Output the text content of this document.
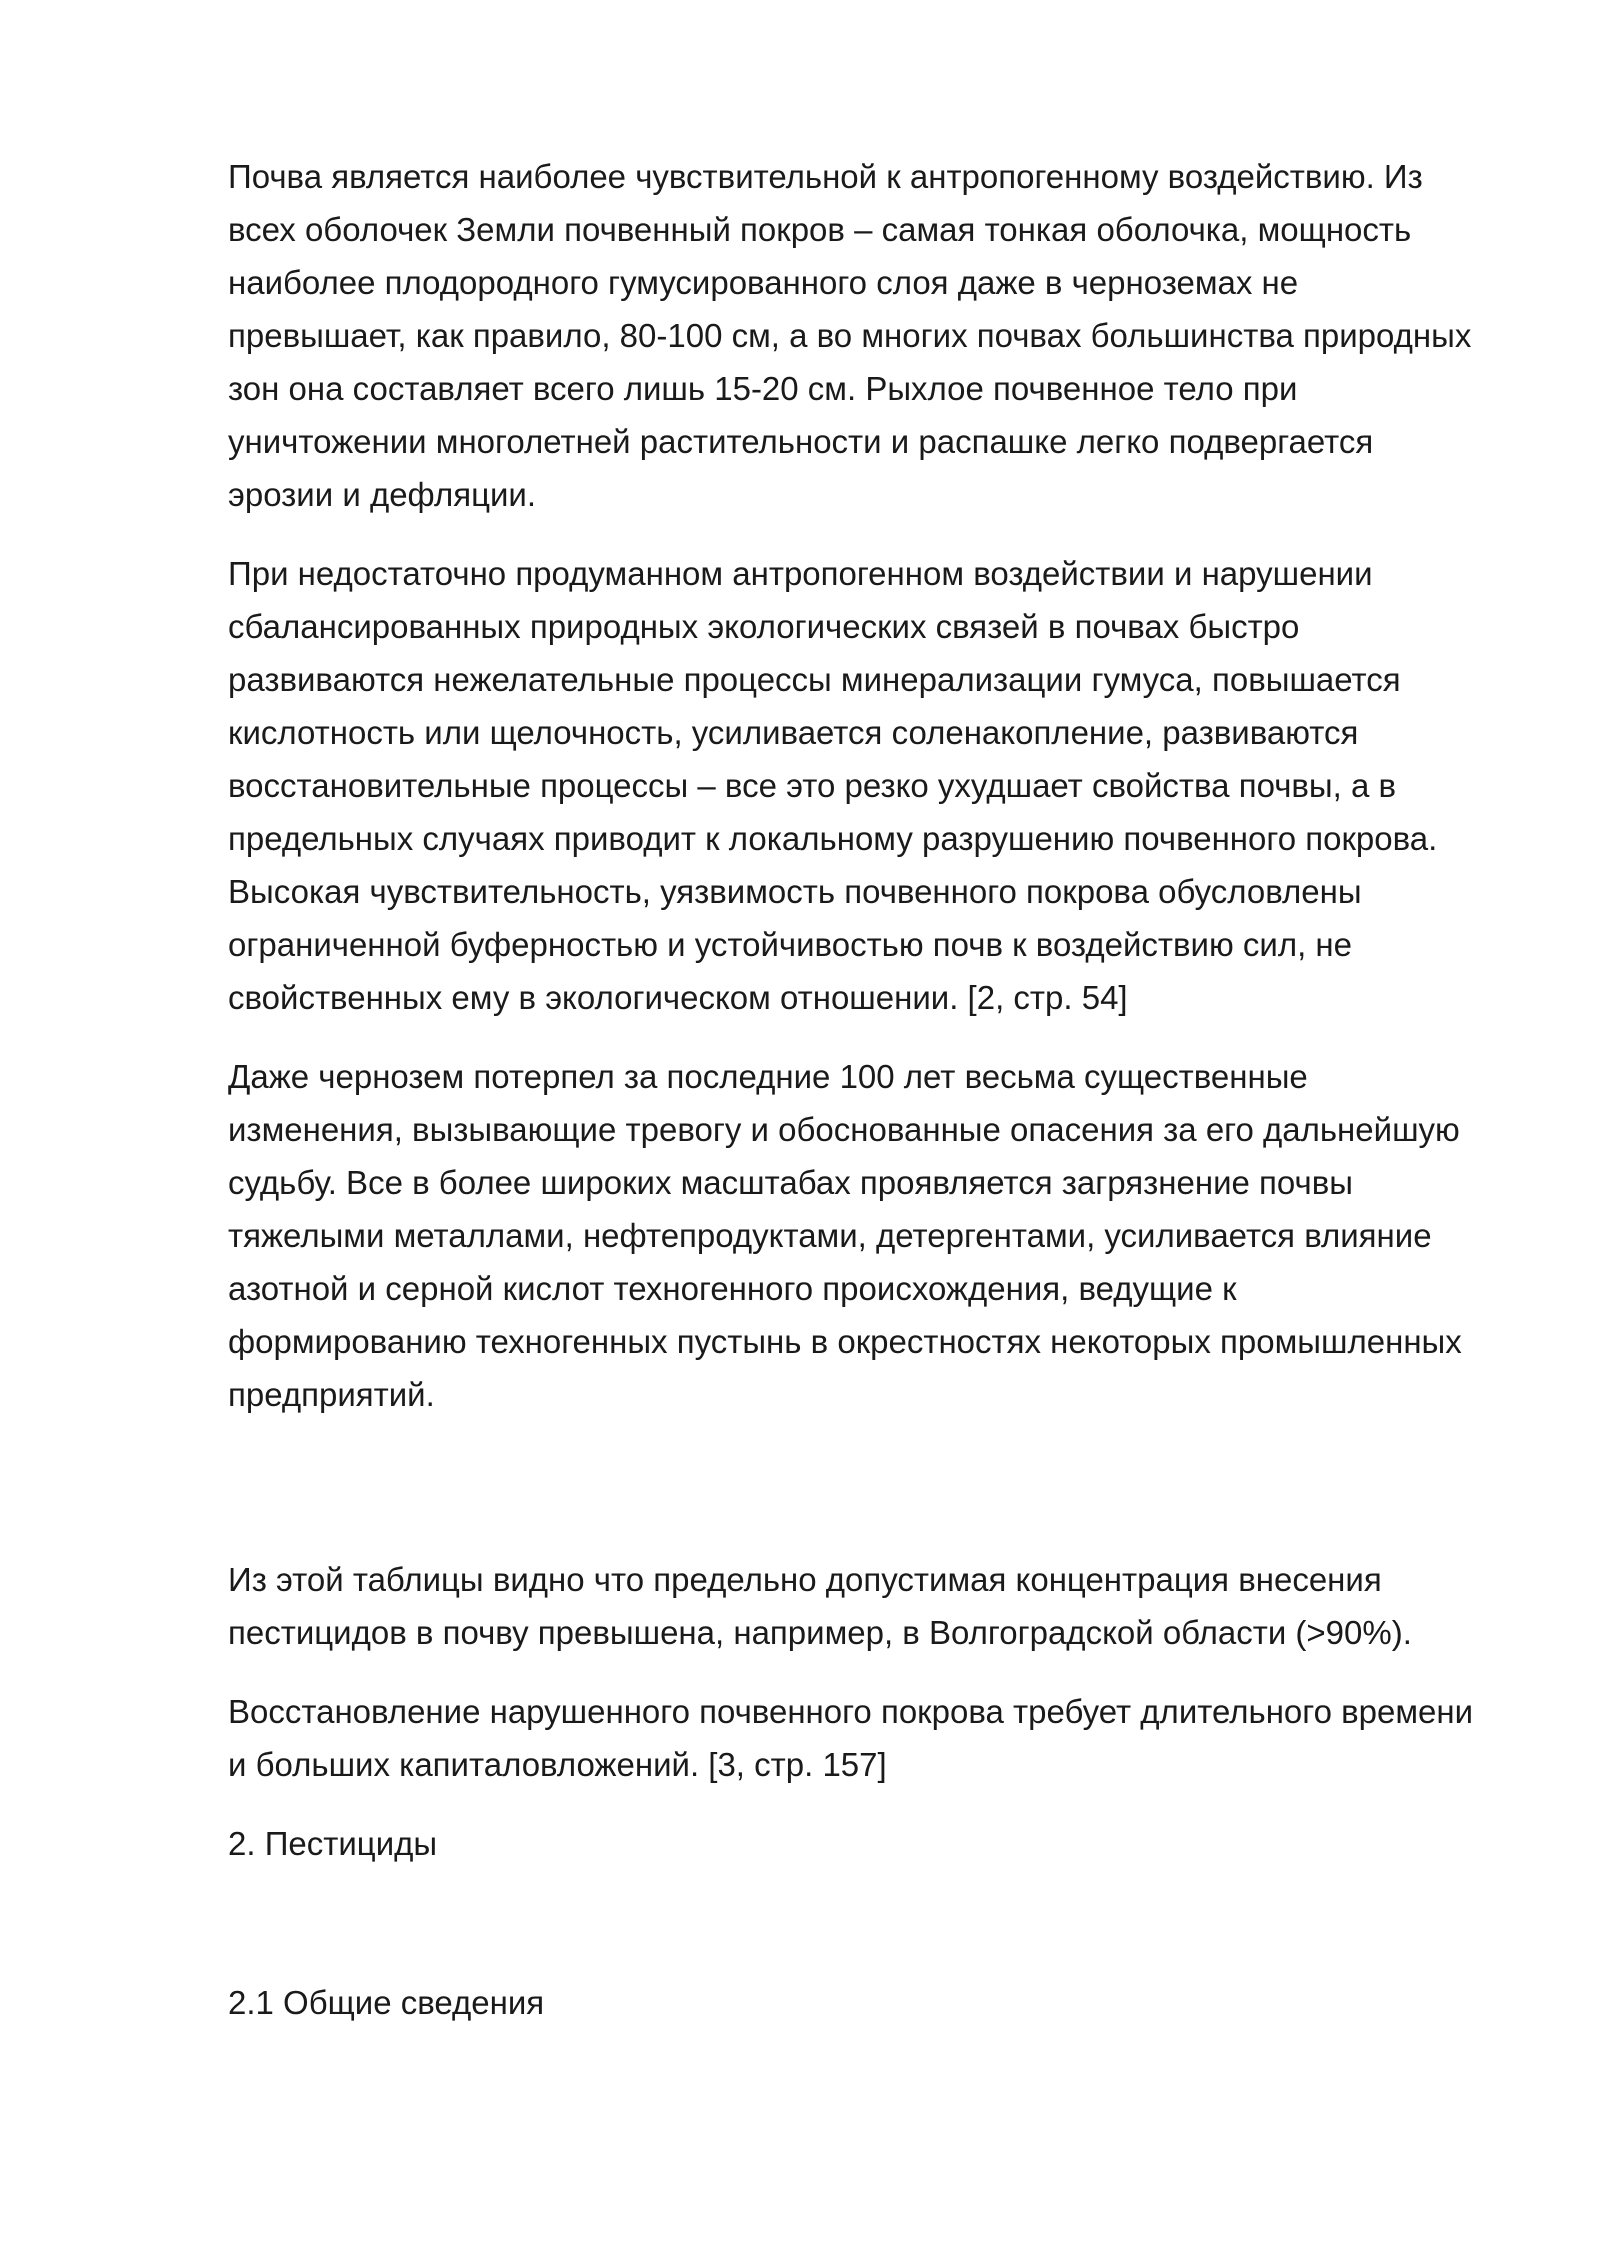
Почва является наиболее чувствительной к антропогенному воздействию. Из всех оболочек Земли почвенный покров – самая тонкая оболочка, мощность наиболее плодородного гумусированного слоя даже в черноземах не превышает, как правило, 80-100 см, а во многих почвах большинства природных зон она составляет всего лишь 15-20 см. Рыхлое почвенное тело при уничтожении многолетней растительности и распашке легко подвергается эрозии и дефляции.

При недостаточно продуманном антропогенном воздействии и нарушении сбалансированных природных экологических связей в почвах быстро развиваются нежелательные процессы минерализации гумуса, повышается кислотность или щелочность, усиливается соленакопление, развиваются восстановительные процессы – все это резко ухудшает свойства почвы, а в предельных случаях приводит к локальному разрушению почвенного покрова. Высокая чувствительность, уязвимость почвенного покрова обусловлены ограниченной буферностью и устойчивостью почв к воздействию сил, не свойственных ему в экологическом отношении. [2, стр. 54]

Даже чернозем потерпел за последние 100 лет весьма существенные изменения, вызывающие тревогу и обоснованные опасения за его дальнейшую судьбу. Все в более широких масштабах проявляется загрязнение почвы тяжелыми металлами, нефтепродуктами, детергентами, усиливается влияние азотной и серной кислот техногенного происхождения, ведущие к формированию техногенных пустынь в окрестностях некоторых промышленных предприятий.

Из этой таблицы видно что предельно допустимая концентрация внесения пестицидов в почву превышена, например, в Волгоградской области (>90%).

Восстановление нарушенного почвенного покрова требует длительного времени и больших капиталовложений. [3, стр. 157]

2. Пестициды

2.1 Общие сведения
